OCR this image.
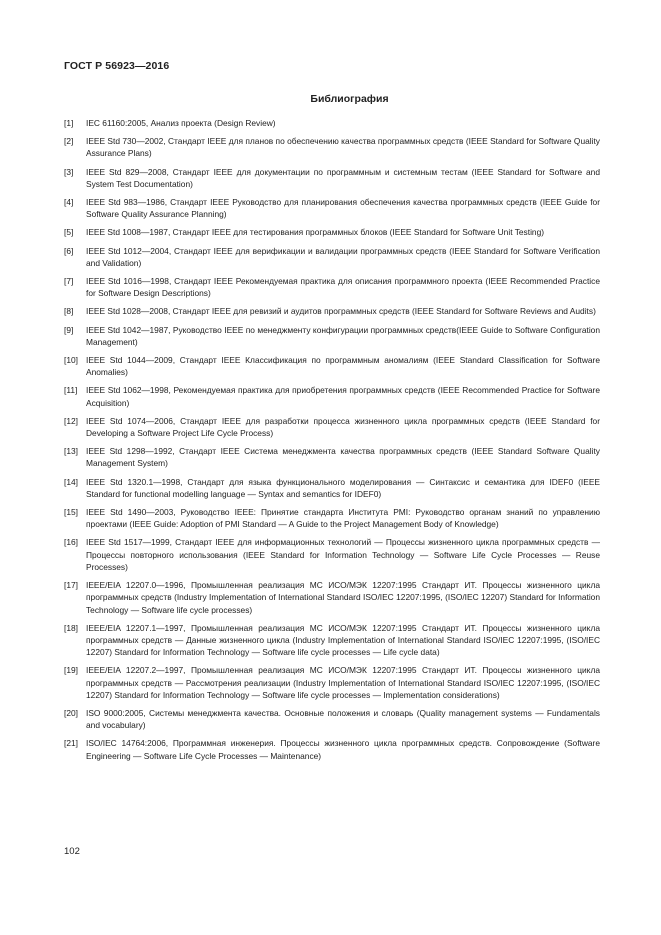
ГОСТ Р 56923—2016
Библиография
[1]	IEC 61160:2005, Анализ проекта (Design Review)
[2]	IEEE Std 730—2002, Стандарт IEEE для планов по обеспечению качества программных средств (IEEE Standard for Software Quality Assurance Plans)
[3]	IEEE Std 829—2008, Стандарт IEEE для документации по программным и системным тестам (IEEE Standard for Software and System Test Documentation)
[4]	IEEE Std 983—1986, Стандарт IEEE Руководство для планирования обеспечения качества программных средств (IEEE Guide for Software Quality Assurance Planning)
[5]	IEEE Std 1008—1987, Стандарт IEEE для тестирования программных блоков (IEEE Standard for Software Unit Testing)
[6]	IEEE Std 1012—2004, Стандарт IEEE для верификации и валидации программных средств (IEEE Standard for Software Verification and Validation)
[7]	IEEE Std 1016—1998, Стандарт IEEE Рекомендуемая практика для описания программного проекта (IEEE Recommended Practice for Software Design Descriptions)
[8]	IEEE Std 1028—2008, Стандарт IEEE для ревизий и аудитов программных средств (IEEE Standard for Software Reviews and Audits)
[9]	IEEE Std 1042—1987, Руководство IEEE по менеджменту конфигурации программных средств(IEEE Guide to Software Configuration Management)
[10] IEEE Std 1044—2009, Стандарт IEEE Классификация по программным аномалиям (IEEE Standard Classification for Software Anomalies)
[11]	IEEE Std 1062—1998, Рекомендуемая практика для приобретения программных средств (IEEE Recommended Practice for Software Acquisition)
[12] IEEE Std 1074—2006, Стандарт IEEE для разработки процесса жизненного цикла программных средств (IEEE Standard for Developing a Software Project Life Cycle Process)
[13] IEEE Std 1298—1992, Стандарт IEEE Система менеджмента качества программных средств (IEEE Standard Software Quality Management System)
[14] IEEE Std 1320.1—1998, Стандарт для языка функционального моделирования — Синтаксис и семантика для IDEF0 (IEEE Standard for functional modelling language — Syntax and semantics for IDEF0)
[15] IEEE Std 1490—2003, Руководство IEEE: Принятие стандарта Института PMI: Руководство органам знаний по управлению проектами (IEEE Guide: Adoption of PMI Standard — A Guide to the Project Management Body of Knowledge)
[16] IEEE Std 1517—1999, Стандарт IEEE для информационных технологий — Процессы жизненного цикла программных средств — Процессы повторного использования (IEEE Standard for Information Technology — Software Life Cycle Processes — Reuse Processes)
[17] IEEE/EIA 12207.0—1996, Промышленная реализация МС ИСО/МЭК 12207:1995 Стандарт ИТ. Процессы жизненного цикла программных средств (Industry Implementation of International Standard ISO/IEC 12207:1995, (ISO/IEC 12207) Standard for Information Technology — Software life cycle processes)
[18] IEEE/EIA 12207.1—1997, Промышленная реализация МС ИСО/МЭК 12207:1995 Стандарт ИТ. Процессы жизненного цикла программных средств — Данные жизненного цикла (Industry Implementation of International Standard ISO/IEC 12207:1995, (ISO/IEC 12207) Standard for Information Technology — Software life cycle processes — Life cycle data)
[19] IEEE/EIA 12207.2—1997, Промышленная реализация МС ИСО/МЭК 12207:1995 Стандарт ИТ. Процессы жизненного цикла программных средств — Рассмотрения реализации (Industry Implementation of International Standard ISO/IEC 12207:1995, (ISO/IEC 12207) Standard for Information Technology — Software life cycle processes — Implementation considerations)
[20] ISO 9000:2005, Системы менеджмента качества. Основные положения и словарь (Quality management systems — Fundamentals and vocabulary)
[21] ISO/IEC 14764:2006, Программная инженерия. Процессы жизненного цикла программных средств. Сопровождение (Software Engineering — Software Life Cycle Processes — Maintenance)
102
